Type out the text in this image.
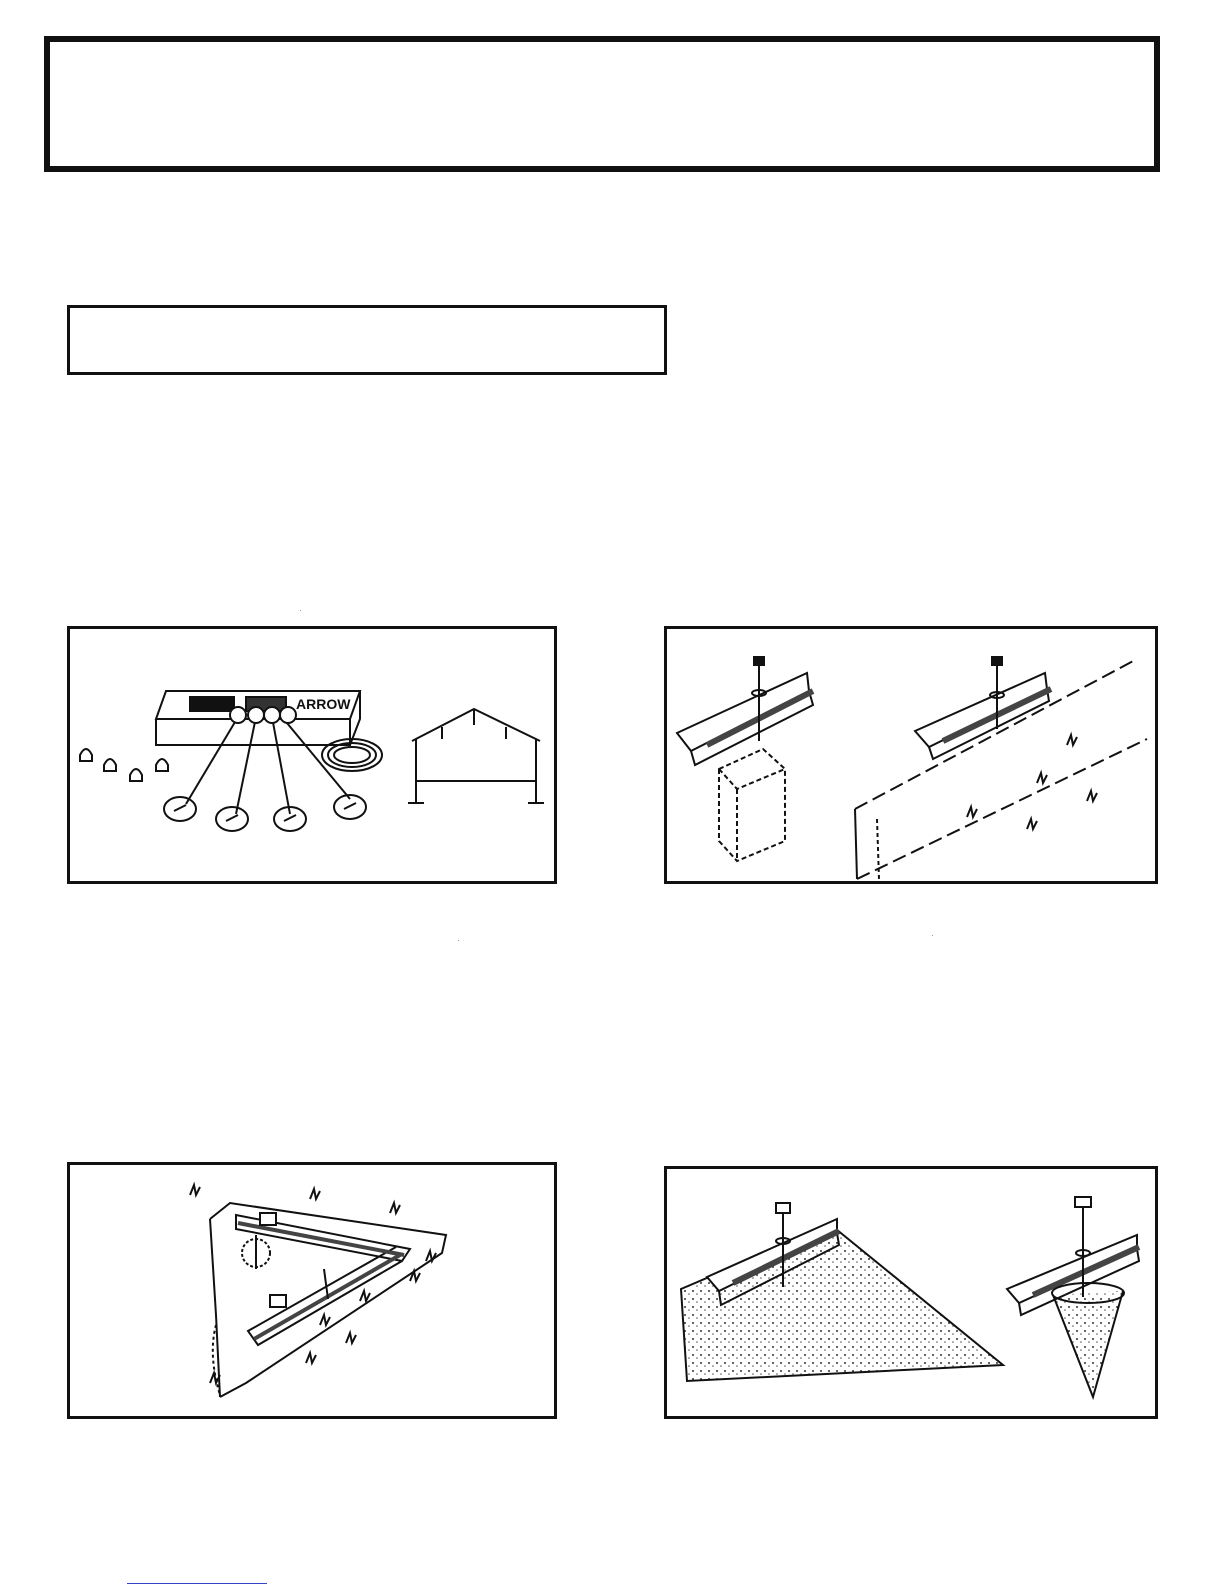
ARROW
